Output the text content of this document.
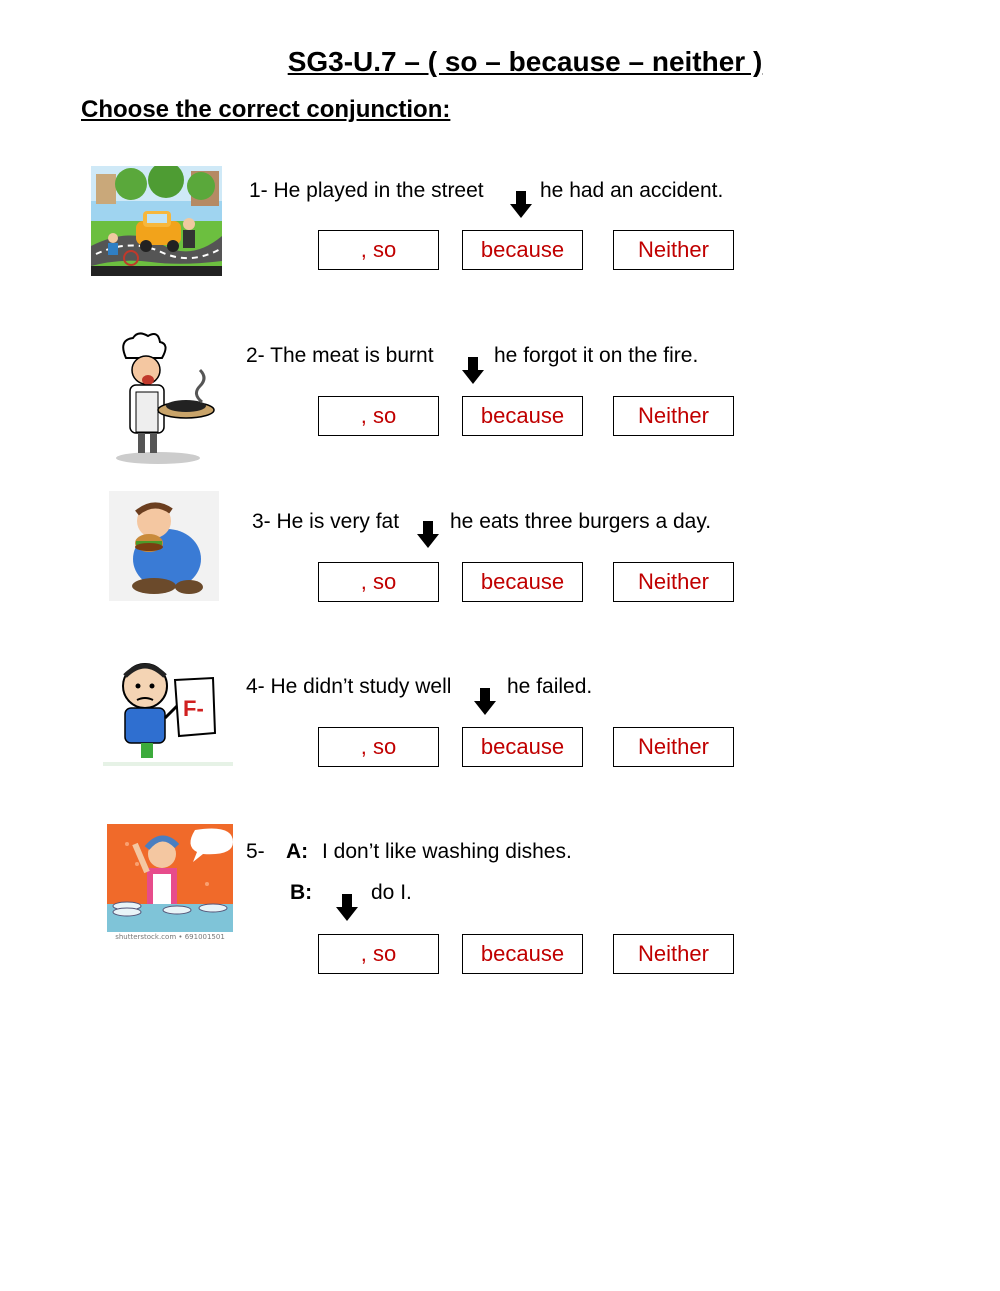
SG3-U.7 – ( so – because – neither )
Choose the correct conjunction:
1- He played in the street	he had an accident.
, so	because	Neither
2- The meat is burnt	he forgot it on the fire.
, so	because	Neither
3- He is very fat he eats three burgers a day.
, so	because	Neither
F-
4- He didn’t study well	he failed.
, so	because	Neither
shutterstock.com • 691001501
5- A: I don’t like washing dishes.
B:	do I.
, so	because	Neither
